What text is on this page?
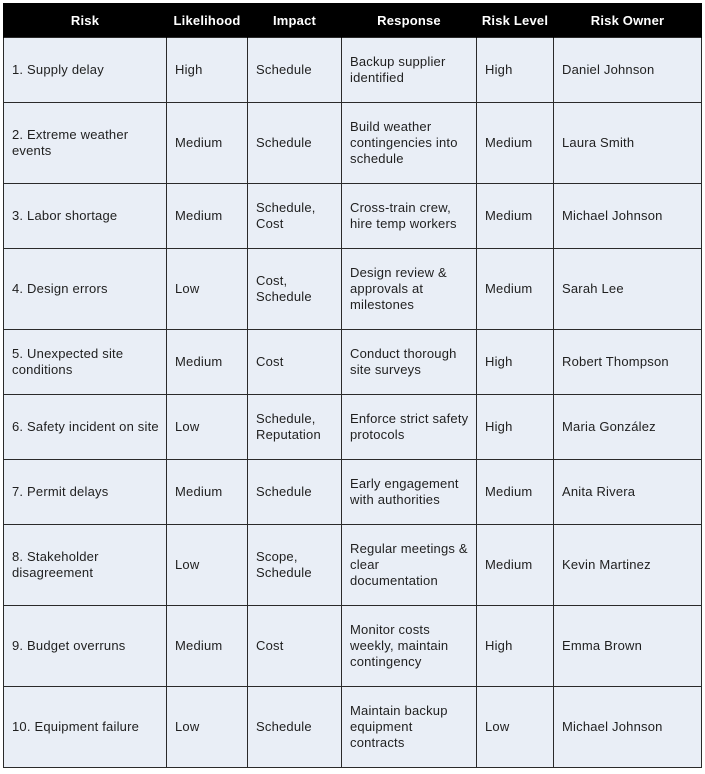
Risk	Likelihood	Impact	Response	Risk Level	Risk Owner
1. Supply delay	High	Schedule	Backup supplier identified	High	Daniel Johnson
2. Extreme weather events	Medium	Schedule	Build weather contingencies into schedule	Medium	Laura Smith
3. Labor shortage	Medium	Schedule, Cost	Cross-train crew, hire temp workers	Medium	Michael Johnson
4. Design errors	Low	Cost, Schedule	Design review & approvals at milestones	Medium	Sarah Lee
5. Unexpected site conditions	Medium	Cost	Conduct thorough site surveys	High	Robert Thompson
6. Safety incident on site	Low	Schedule, Reputation	Enforce strict safety protocols	High	Maria González
7. Permit delays	Medium	Schedule	Early engagement with authorities	Medium	Anita Rivera
8. Stakeholder disagreement	Low	Scope, Schedule	Regular meetings & clear documentation	Medium	Kevin Martinez
9. Budget overruns	Medium	Cost	Monitor costs weekly, maintain contingency	High	Emma Brown
10. Equipment failure	Low	Schedule	Maintain backup equipment contracts	Low	Michael Johnson
